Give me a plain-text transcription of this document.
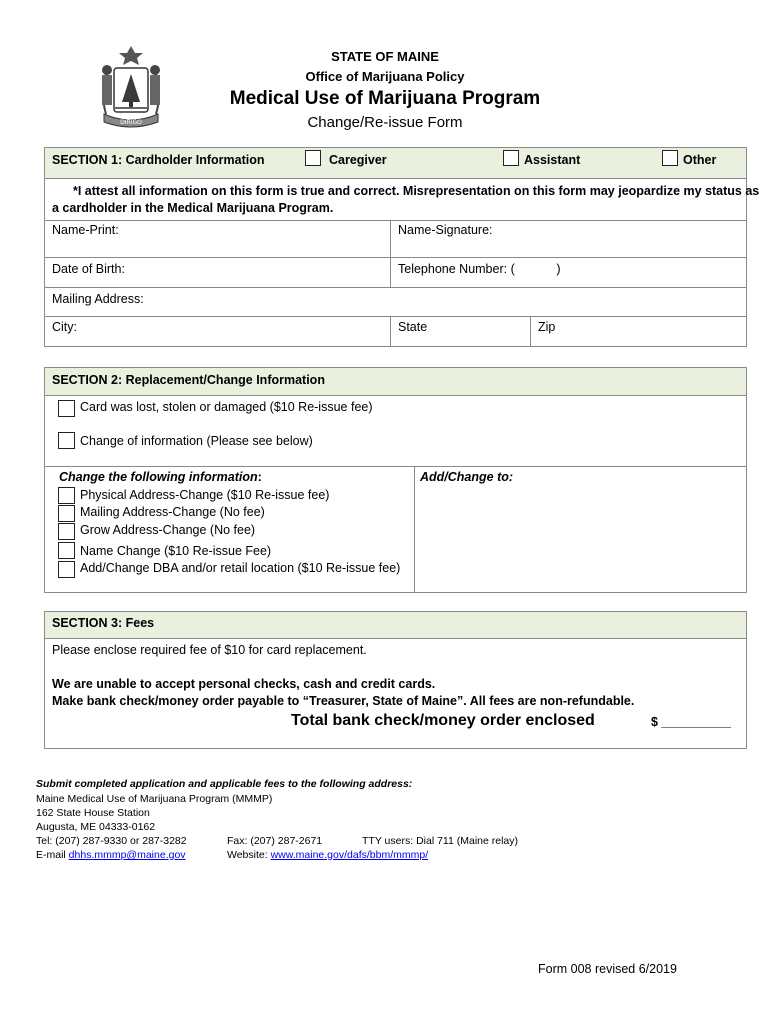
DIRIGO
STATE OF MAINE
Office of Marijuana Policy
Medical Use of Marijuana Program
Change/Re-issue Form
SECTION 1: Cardholder Information	Caregiver	Assistant	Other
*I attest all information on this form is true and correct. Misrepresentation on this form may jeopardize my status as
a cardholder in the Medical Marijuana Program.
Name-Print:	Name-Signature:
Date of Birth:	Telephone Number: (            )
Mailing Address:
City:	State	Zip
SECTION 2: Replacement/Change Information
Card was lost, stolen or damaged ($10 Re-issue fee)
Change of information (Please see below)
Change the following information:
Physical Address-Change ($10 Re-issue fee)
Mailing Address-Change (No fee)
Grow Address-Change (No fee)
Name Change ($10 Re-issue Fee)
Add/Change DBA and/or retail location ($10 Re-issue fee)
Add/Change to:
SECTION 3: Fees
Please enclose required fee of $10 for card replacement.
We are unable to accept personal checks, cash and credit cards.
Make bank check/money order payable to “Treasurer, State of Maine”. All fees are non-refundable.
Total bank check/money order enclosed	$ __________
Submit completed application and applicable fees to the following address:
Maine Medical Use of Marijuana Program (MMMP)
162 State House Station
Augusta, ME 04333-0162
Tel: (207) 287-9330 or 287-3282	Fax: (207) 287-2671	TTY users: Dial 711 (Maine relay)
E-mail dhhs.mmmp@maine.gov	Website: www.maine.gov/dafs/bbm/mmmp/
Form 008 revised 6/2019
